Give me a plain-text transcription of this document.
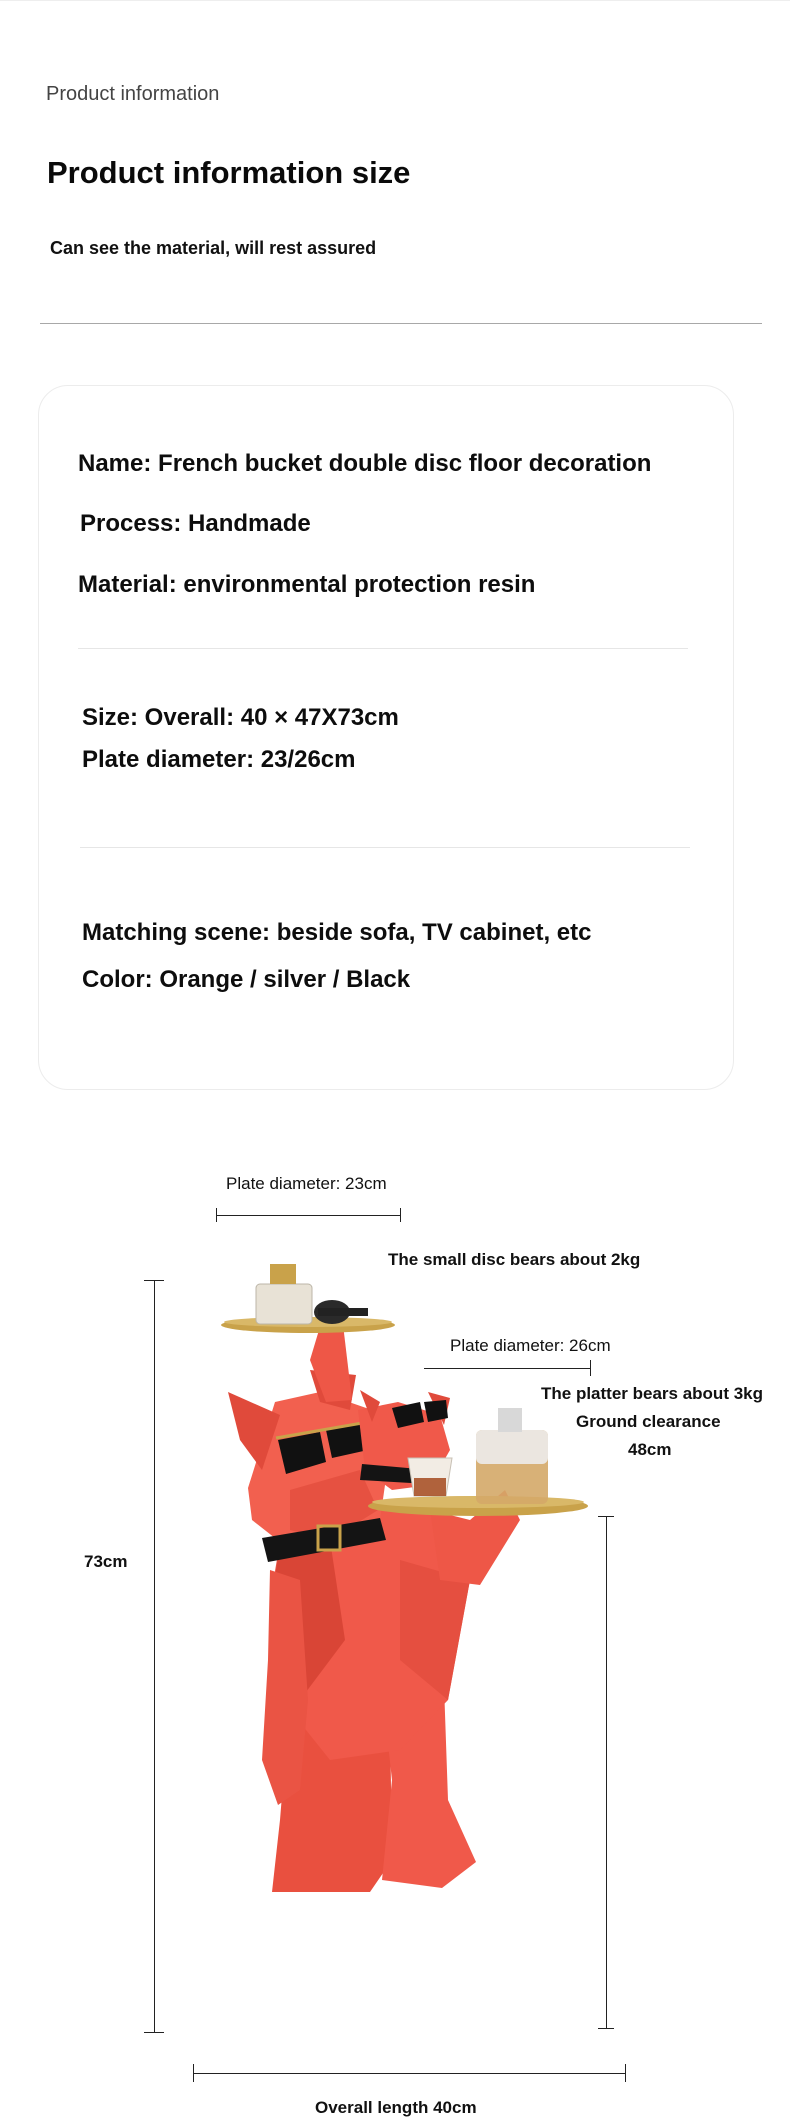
Product information
Product information size
Can see the material, will rest assured
Name: French bucket double disc floor decoration
Process: Handmade
Material: environmental protection resin
Size: Overall: 40 × 47X73cm
Plate diameter: 23/26cm
Matching scene: beside sofa, TV cabinet, etc
Color: Orange / silver / Black
Plate diameter: 23cm
The small disc bears about 2kg
Plate diameter: 26cm
The platter bears about 3kg
Ground clearance
48cm
73cm
Overall length 40cm
